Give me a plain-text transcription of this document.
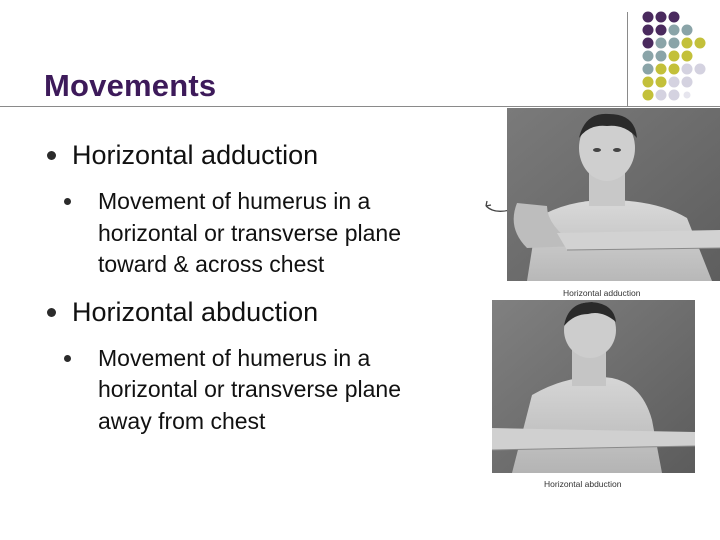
Movements
Horizontal adduction
Movement of humerus in a horizontal or transverse plane toward & across chest
Horizontal abduction
Movement of humerus in a horizontal or transverse plane away from chest
Horizontal adduction
Horizontal abduction
